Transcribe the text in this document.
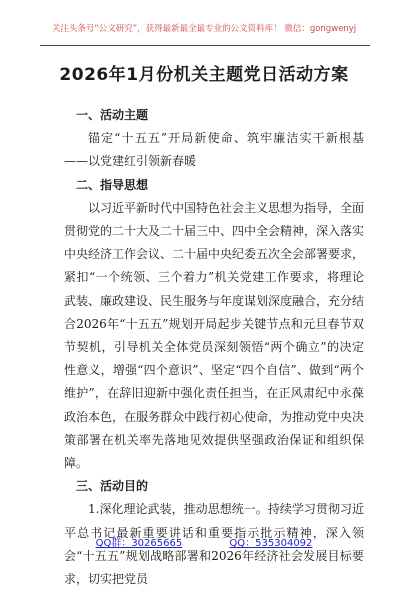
关注头条号“公文研究”，获得最新最全最专业的公文资料库！ 微信：gongwenyj
2026年1月份机关主题党日活动方案
一、活动主题
锚定“十五五”开局新使命、筑牢廉洁实干新根基——以党建红引领新春暖
二、指导思想
以习近平新时代中国特色社会主义思想为指导，全面贯彻党的二十大及二十届三中、四中全会精神，深入落实中央经济工作会议、二十届中央纪委五次全会部署要求，紧扣“一个统领、三个着力”机关党建工作要求，将理论武装、廉政建设、民生服务与年度谋划深度融合，充分结合2026年“十五五”规划开局起步关键节点和元旦春节双节契机，引导机关全体党员深刻领悟“两个确立”的决定性意义，增强“四个意识”、坚定“四个自信”、做到“两个维护”，在辞旧迎新中强化责任担当，在正风肃纪中永葆政治本色，在服务群众中践行初心使命，为推动党中央决策部署在机关率先落地见效提供坚强政治保证和组织保障。
三、活动目的
1.深化理论武装，推动思想统一。持续学习贯彻习近平总书记最新重要讲话和重要指示批示精神，深入领会“十五五”规划战略部署和2026年经济社会发展目标要求，切实把党员
QQ群：30265665	QQ：535304092
